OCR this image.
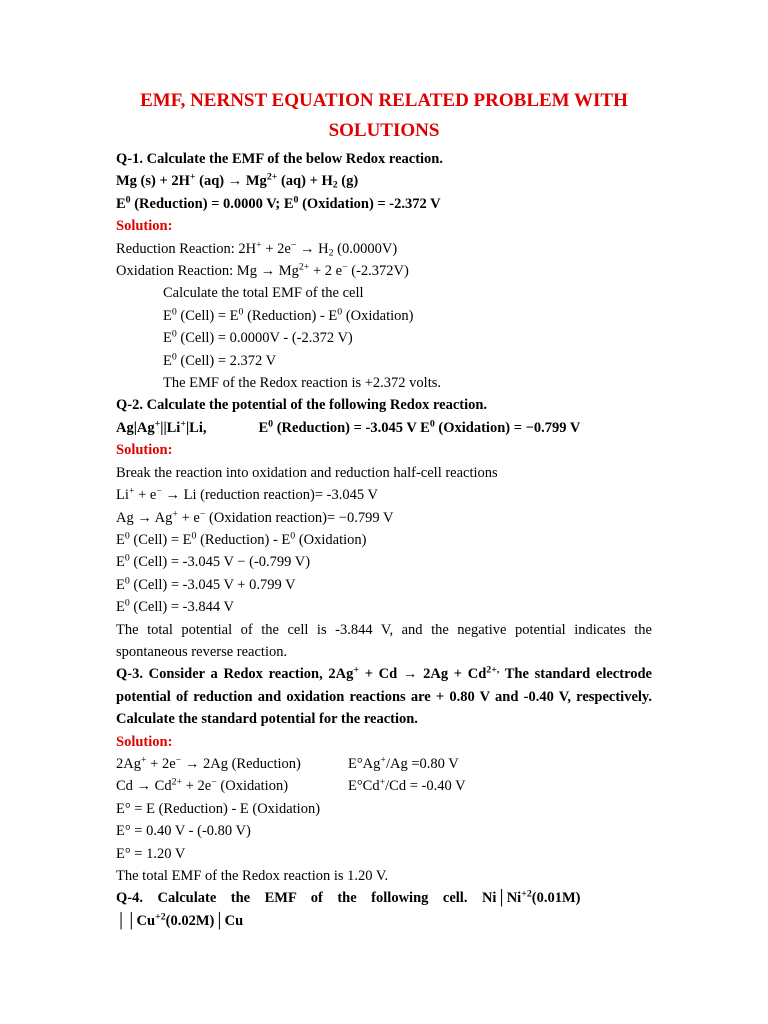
EMF, NERNST EQUATION RELATED PROBLEM WITH
SOLUTIONS
Q-1. Calculate the EMF of the below Redox reaction.
Mg (s) + 2H+ $(aq) \to Mg^{2+}$ $(aq) + H_2$ (g)
$E^0$ (Reduction) = 0.0000 V; $E^0$ (Oxidation) = -2.372 V
Solution:
Reduction Reaction: $2H^+ + 2e^- \to H_2$ (0.0000V)
Oxidation Reaction: $Mg \to Mg^{2+} + 2$ e− (-2.372V)
Calculate the total EMF of the cell
$E^0$ (Cell) = $E^0$ (Reduction) - $E^0$ (Oxidation)
$E^0$ (Cell) = 0.0000V - (-2.372 V)
$E^0$ (Cell) = 2.372 V
The EMF of the Redox reaction is +2.372 volts.
Q-2. Calculate the potential of the following Redox reaction.
Ag|Ag+||Li+|Li,	$E^0$ (Reduction) = -3.045 V $E^0$ (Oxidation) = −0.799 V
Solution:
Break the reaction into oxidation and reduction half-cell reactions
Li+ + e− → Li (reduction reaction)= -3.045 V
Ag → Ag+ + e− (Oxidation reaction)= −0.799 V
$E^0$ (Cell) = $E^0$ (Reduction) - $E^0$ (Oxidation)
$E^0$ (Cell) = -3.045 V − (-0.799 V)
$E^0$ (Cell) = -3.045 V + 0.799 V
$E^0$ (Cell) = -3.844 V
The total potential of the cell is -3.844 V, and the negative potential indicates the spontaneous reverse reaction.
Q-3. Consider a Redox reaction, $2Ag^+ + Cd \to 2Ag + Cd^{2+,}$ The standard electrode potential of reduction and oxidation reactions are + 0.80 V and -0.40 V, respectively. Calculate the standard potential for the reaction.
Solution:
2Ag+ + 2e− → 2Ag (Reduction)	E°Ag+/Ag =0.80 V
$Cd \to Cd^{2+} + 2e^-$ (Oxidation)	E°Cd+/Cd = -0.40 V
E° = E (Reduction) - E (Oxidation)
E° = 0.40 V - (-0.80 V)
E° = 1.20 V
The total EMF of the Redox reaction is 1.20 V.
Q-4.    Calculate    the    EMF    of    the    following    cell.    $Ni│Ni^{+2}(0.01M)$
$││Cu^{+2}(0.02M)│Cu$
